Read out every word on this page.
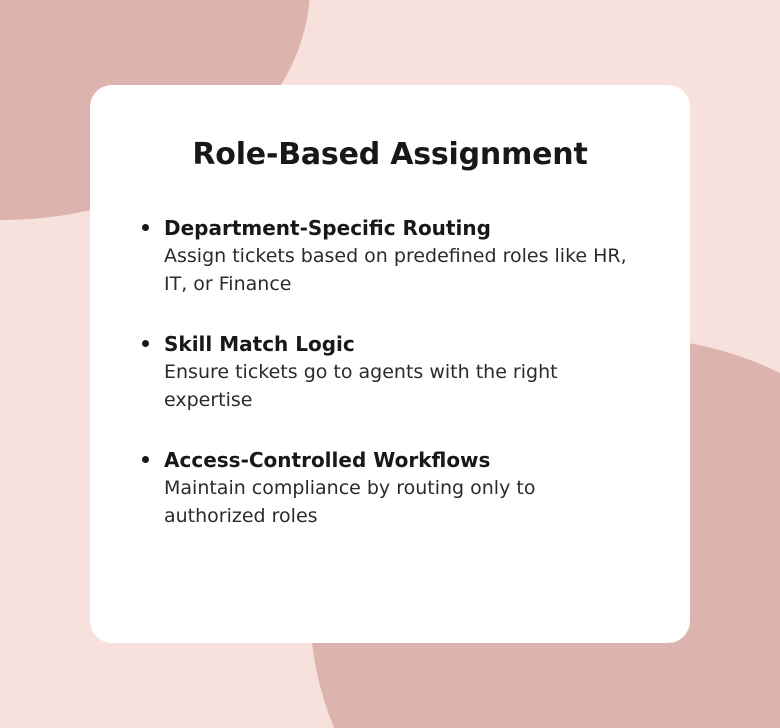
Role-Based Assignment

Department-Specific Routing

Assign tickets based on predefined roles like HR, IT, or Finance

Skill Match Logic

Ensure tickets go to agents with the right expertise

Access-Controlled Workflows

Maintain compliance by routing only to authorized roles
